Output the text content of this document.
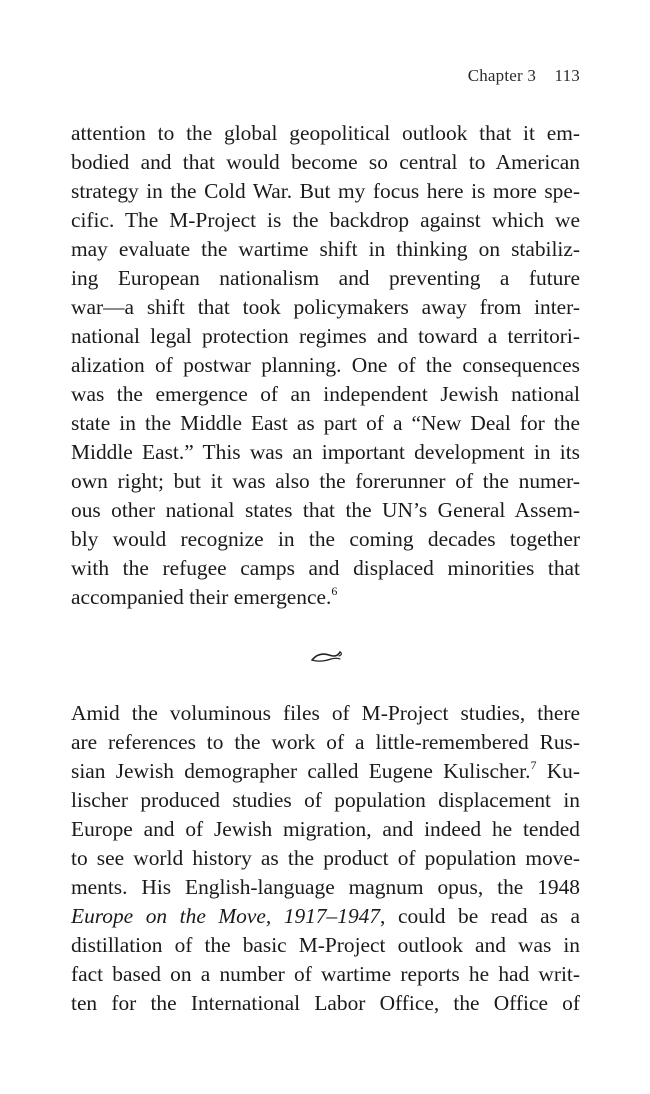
Chapter 3 113
attention to the global geopolitical outlook that it em-
bodied and that would become so central to American
strategy in the Cold War. But my focus here is more spe-
cific. The M-Project is the backdrop against which we
may evaluate the wartime shift in thinking on stabiliz-
ing European nationalism and preventing a future
war—a shift that took policymakers away from inter-
national legal protection regimes and toward a territori-
alization of postwar planning. One of the consequences
was the emergence of an independent Jewish national
state in the Middle East as part of a “New Deal for the
Middle East.” This was an important development in its
own right; but it was also the forerunner of the numer-
ous other national states that the UN’s General Assem-
bly would recognize in the coming decades together
with the refugee camps and displaced minorities that
accompanied their emergence.$^6$
Amid the voluminous files of M-Project studies, there
are references to the work of a little-remembered Rus-
sian Jewish demographer called Eugene Kulischer.$^7$ Ku-
lischer produced studies of population displacement in
Europe and of Jewish migration, and indeed he tended
to see world history as the product of population move-
ments. His English-language magnum opus, the 1948
Europe on the Move, 1917–1947, could be read as a
distillation of the basic M-Project outlook and was in
fact based on a number of wartime reports he had writ-
ten for the International Labor Office, the Office of
